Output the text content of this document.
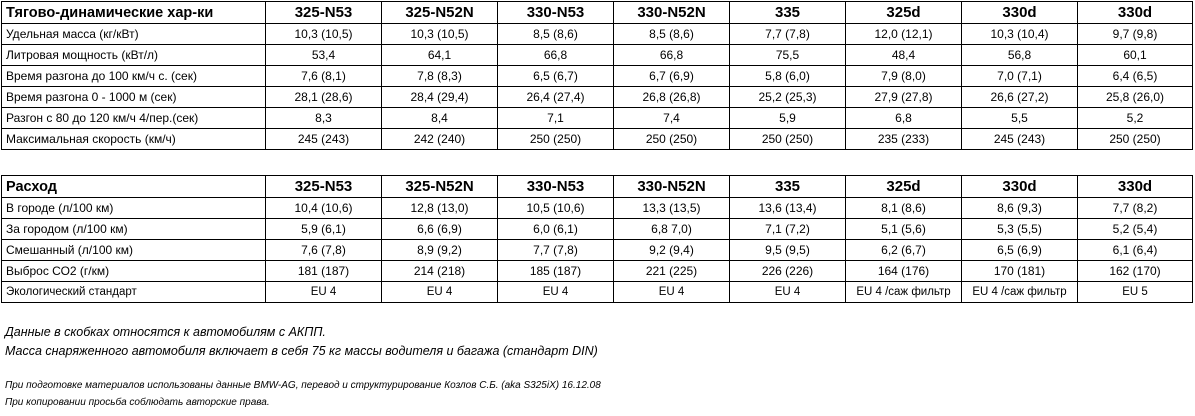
Тягово-динамические хар-ки	325-N53	325-N52N	330-N53	330-N52N	335	325d	330d	330d
Удельная масса (кг/кВт)	10,3 (10,5)	10,3 (10,5)	8,5 (8,6)	8,5 (8,6)	7,7 (7,8)	12,0 (12,1)	10,3 (10,4)	9,7 (9,8)
Литровая мощность (кВт/л)	53,4	64,1	66,8	66,8	75,5	48,4	56,8	60,1
Время разгона до 100 км/ч с. (сек)	7,6 (8,1)	7,8 (8,3)	6,5 (6,7)	6,7 (6,9)	5,8 (6,0)	7,9 (8,0)	7,0 (7,1)	6,4 (6,5)
Время разгона 0 - 1000 м (сек)	28,1 (28,6)	28,4 (29,4)	26,4 (27,4)	26,8 (26,8)	25,2 (25,3)	27,9 (27,8)	26,6 (27,2)	25,8 (26,0)
Разгон с 80 до 120 км/ч 4/пер.(сек)	8,3	8,4	7,1	7,4	5,9	6,8	5,5	5,2
Максимальная скорость (км/ч)	245 (243)	242 (240)	250 (250)	250 (250)	250 (250)	235 (233)	245 (243)	250 (250)
Расход	325-N53	325-N52N	330-N53	330-N52N	335	325d	330d	330d
В городе (л/100 км)	10,4 (10,6)	12,8 (13,0)	10,5 (10,6)	13,3 (13,5)	13,6 (13,4)	8,1 (8,6)	8,6 (9,3)	7,7 (8,2)
За городом (л/100 км)	5,9 (6,1)	6,6 (6,9)	6,0 (6,1)	6,8 7,0)	7,1 (7,2)	5,1 (5,6)	5,3 (5,5)	5,2 (5,4)
Смешанный (л/100 км)	7,6 (7,8)	8,9 (9,2)	7,7 (7,8)	9,2 (9,4)	9,5 (9,5)	6,2 (6,7)	6,5 (6,9)	6,1 (6,4)
Выброс СО2 (г/км)	181 (187)	214 (218)	185 (187)	221 (225)	226 (226)	164 (176)	170 (181)	162 (170)
Экологический стандарт	EU 4	EU 4	EU 4	EU 4	EU 4	EU 4 /саж фильтр	EU 4 /саж фильтр	EU 5
Данные в скобках относятся к автомобилям с АКПП.
Масса снаряженного автомобиля включает в себя 75 кг массы водителя и багажа (стандарт DIN)
При подготовке материалов использованы данные BMW-AG, перевод и структурирование Козлов С.Б. (aka S325iX) 16.12.08
При копировании просьба соблюдать авторские права.
